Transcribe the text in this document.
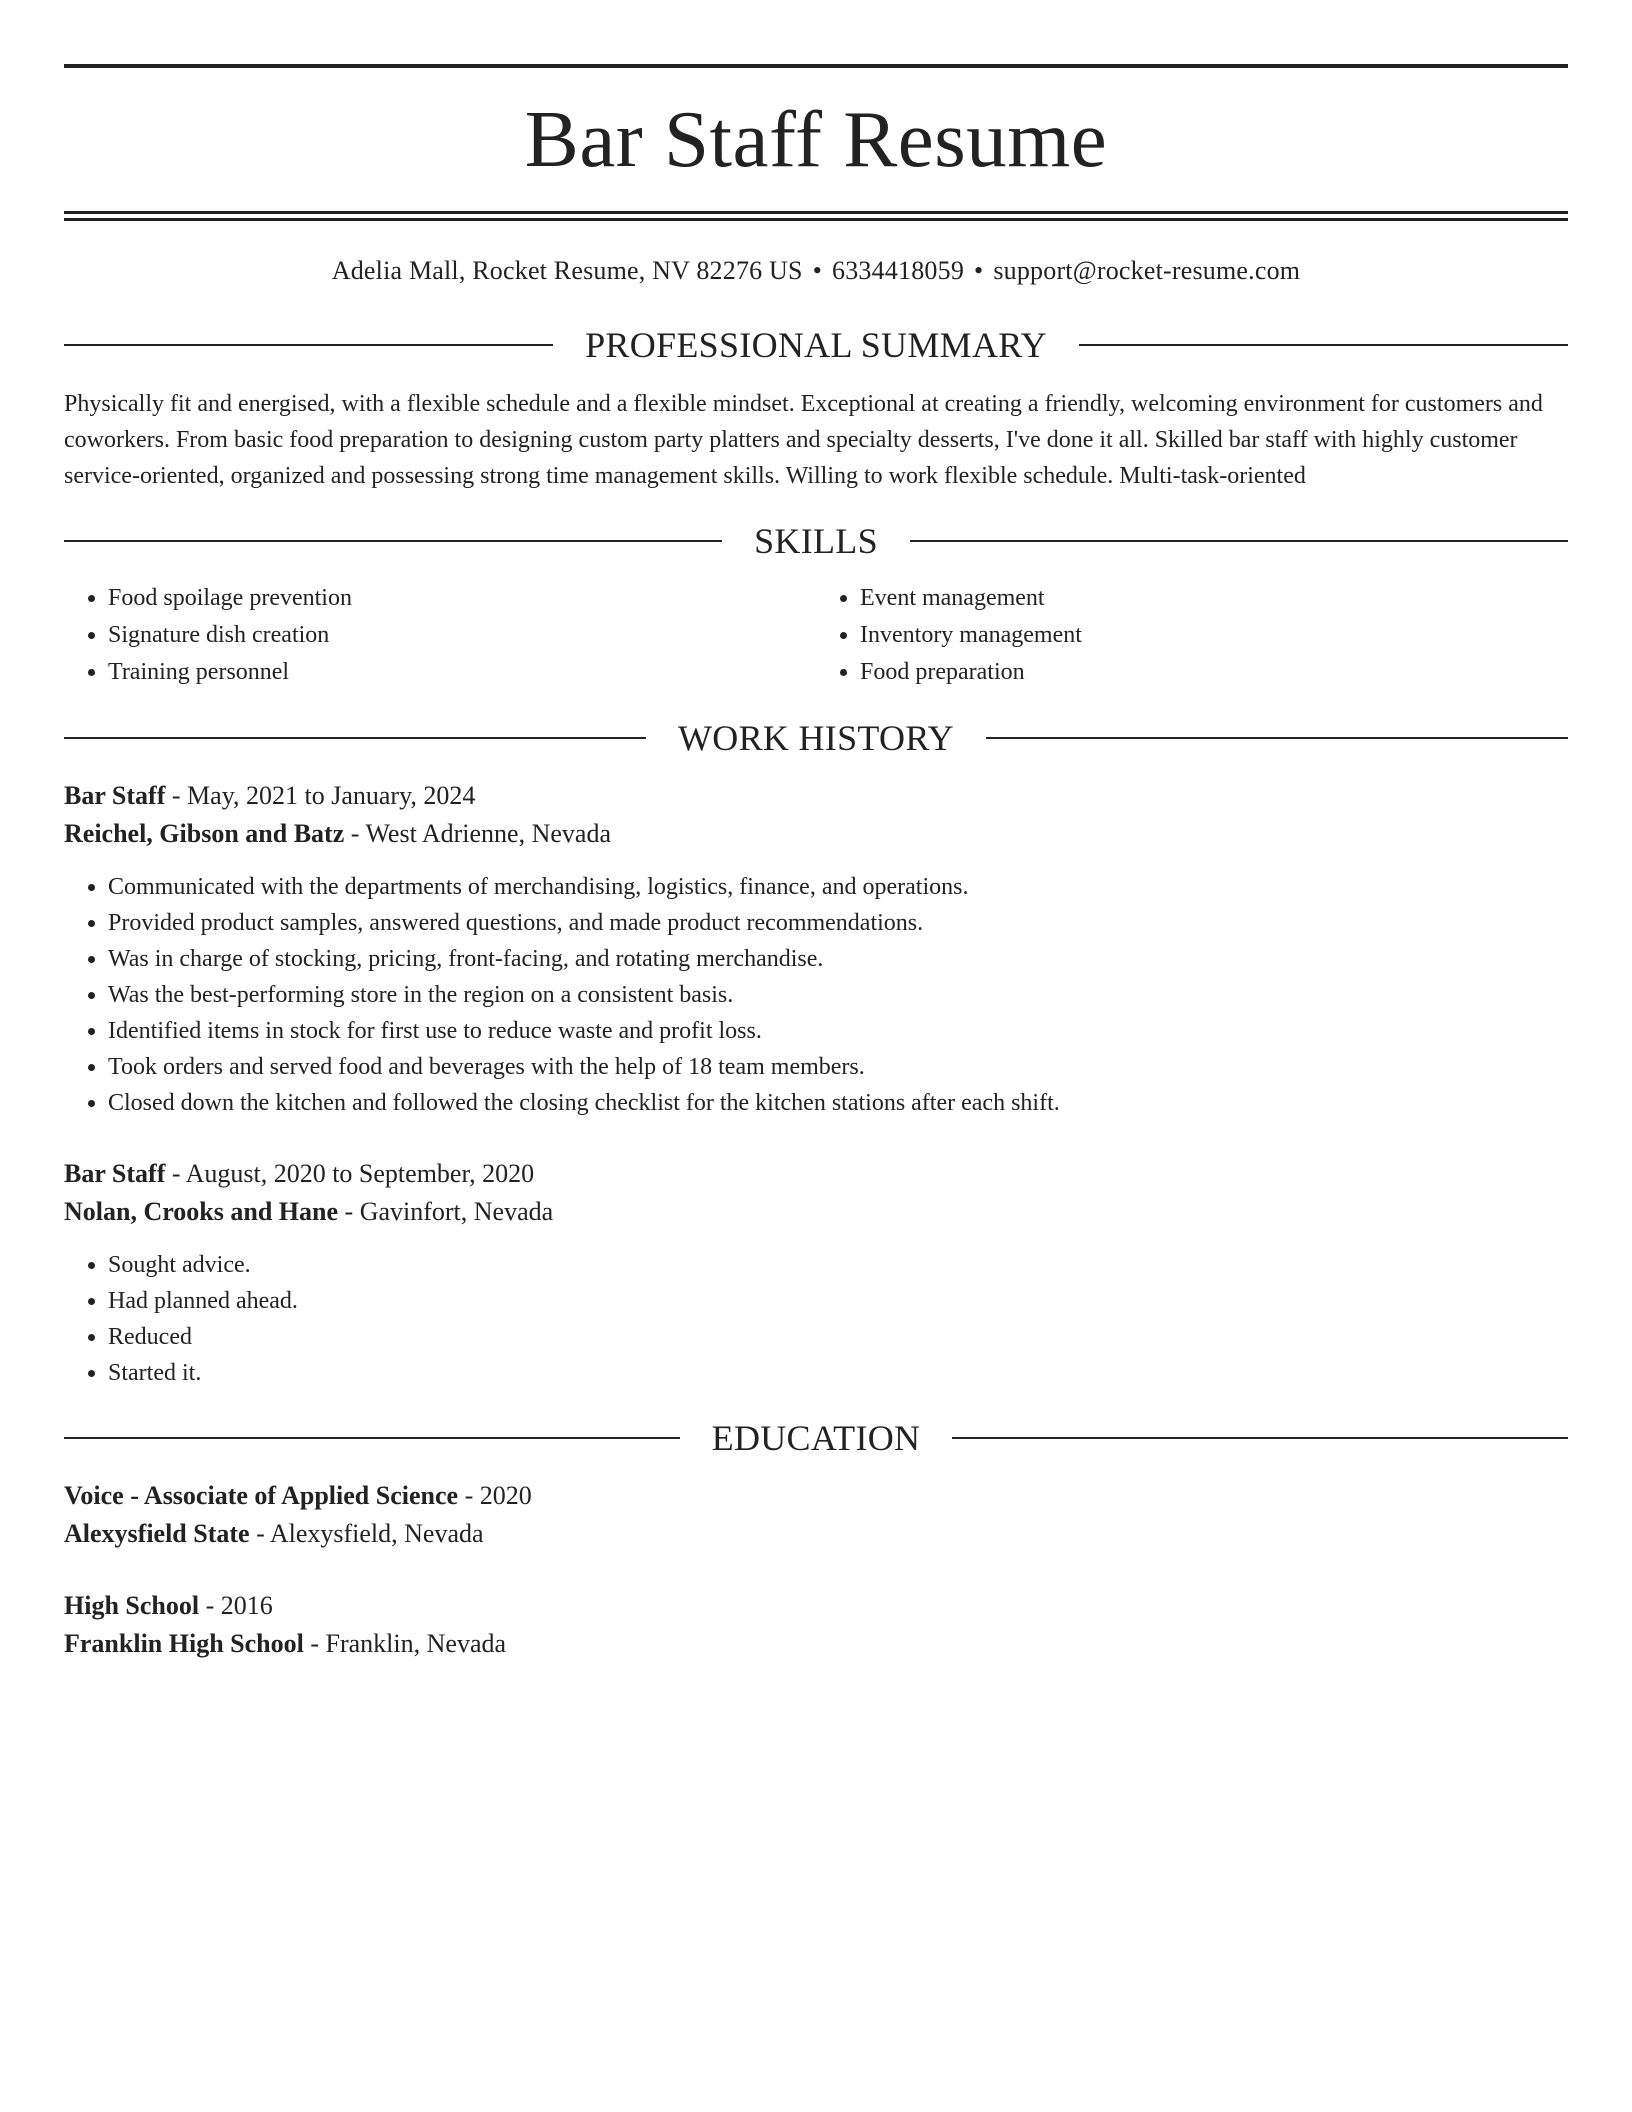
Bar Staff Resume
Adelia Mall, Rocket Resume, NV 82276 US • 6334418059 • support@rocket-resume.com
PROFESSIONAL SUMMARY

Physically fit and energised, with a flexible schedule and a flexible mindset. Exceptional at creating a friendly, welcoming environment for customers and coworkers. From basic food preparation to designing custom party platters and specialty desserts, I've done it all. Skilled bar staff with highly customer service-oriented, organized and possessing strong time management skills. Willing to work flexible schedule. Multi-task-oriented

SKILLS
• Food spoilage prevention
• Signature dish creation
• Training personnel
• Event management
• Inventory management
• Food preparation
WORK HISTORY
Bar Staff - May, 2021 to January, 2024
Reichel, Gibson and Batz - West Adrienne, Nevada
• Communicated with the departments of merchandising, logistics, finance, and operations.
• Provided product samples, answered questions, and made product recommendations.
• Was in charge of stocking, pricing, front-facing, and rotating merchandise.
• Was the best-performing store in the region on a consistent basis.
• Identified items in stock for first use to reduce waste and profit loss.
• Took orders and served food and beverages with the help of 18 team members.
• Closed down the kitchen and followed the closing checklist for the kitchen stations after each shift.
Bar Staff - August, 2020 to September, 2020
Nolan, Crooks and Hane - Gavinfort, Nevada
• Sought advice.
• Had planned ahead.
• Reduced
• Started it.
EDUCATION
Voice - Associate of Applied Science - 2020
Alexysfield State - Alexysfield, Nevada
High School - 2016
Franklin High School - Franklin, Nevada
